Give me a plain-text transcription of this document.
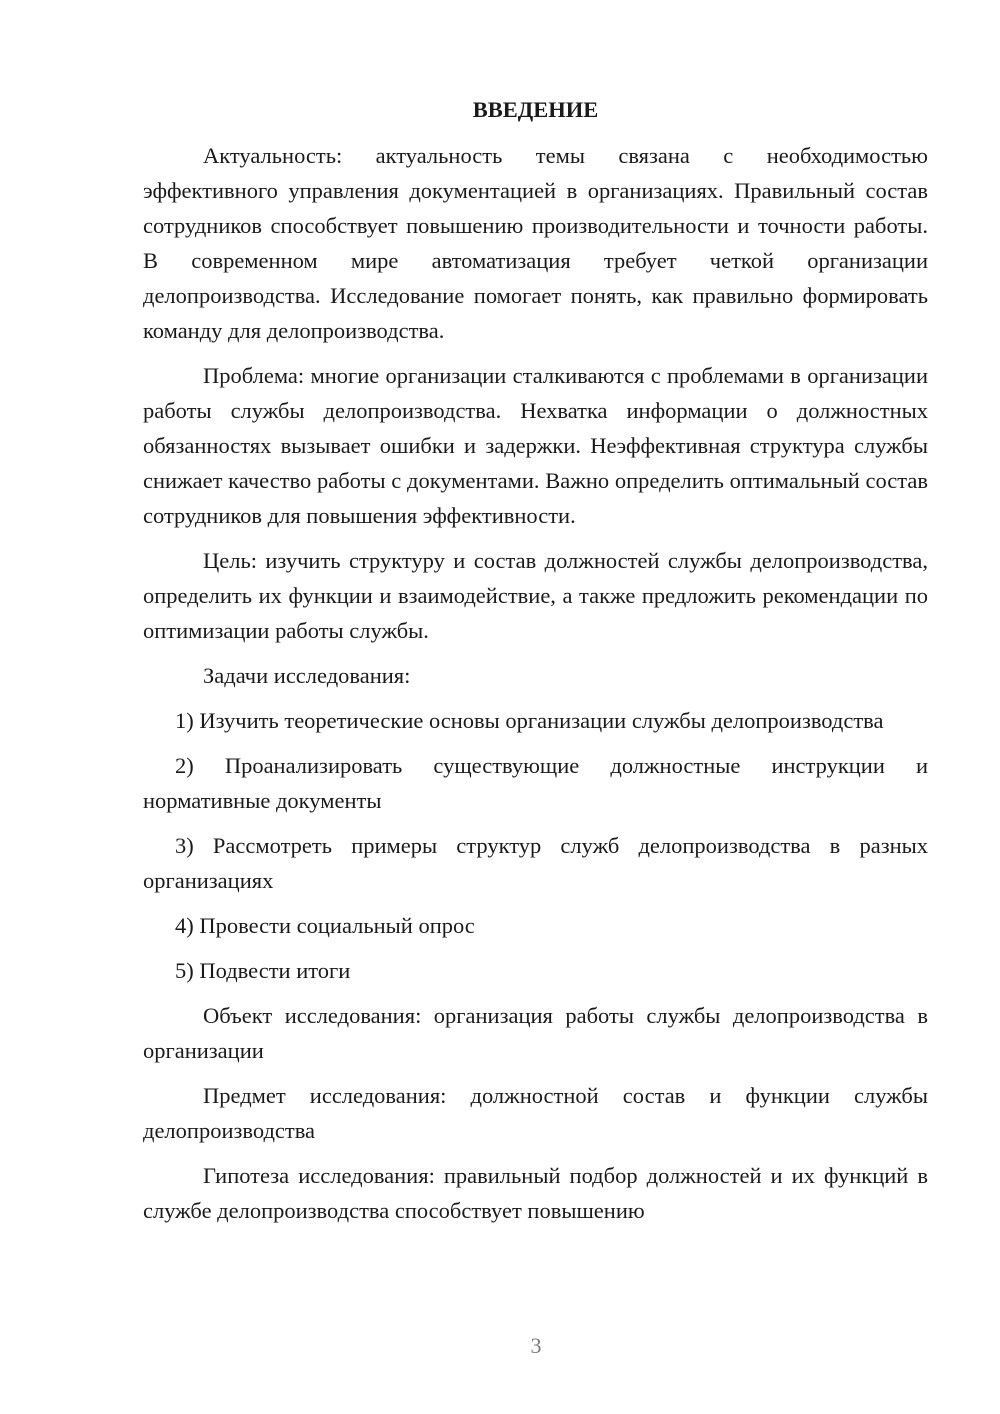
ВВЕДЕНИЕ

Актуальность: актуальность темы связана с необходимостью эффективного управления документацией в организациях. Правильный состав сотрудников способствует повышению производительности и точности работы. В современном мире автоматизация требует четкой организации делопроизводства. Исследование помогает понять, как правильно формировать команду для делопроизводства.

Проблема: многие организации сталкиваются с проблемами в организации работы службы делопроизводства. Нехватка информации о должностных обязанностях вызывает ошибки и задержки. Неэффективная структура службы снижает качество работы с документами. Важно определить оптимальный состав сотрудников для повышения эффективности.

Цель: изучить структуру и состав должностей службы делопроизводства, определить их функции и взаимодействие, а также предложить рекомендации по оптимизации работы службы.

Задачи исследования:

1) Изучить теоретические основы организации службы делопроизводства

2) Проанализировать существующие должностные инструкции и нормативные документы

3) Рассмотреть примеры структур служб делопроизводства в разных организациях

4) Провести социальный опрос

5) Подвести итоги

Объект исследования: организация работы службы делопроизводства в организации

Предмет исследования: должностной состав и функции службы делопроизводства

Гипотеза исследования: правильный подбор должностей и их функций в службе делопроизводства способствует повышению

3
